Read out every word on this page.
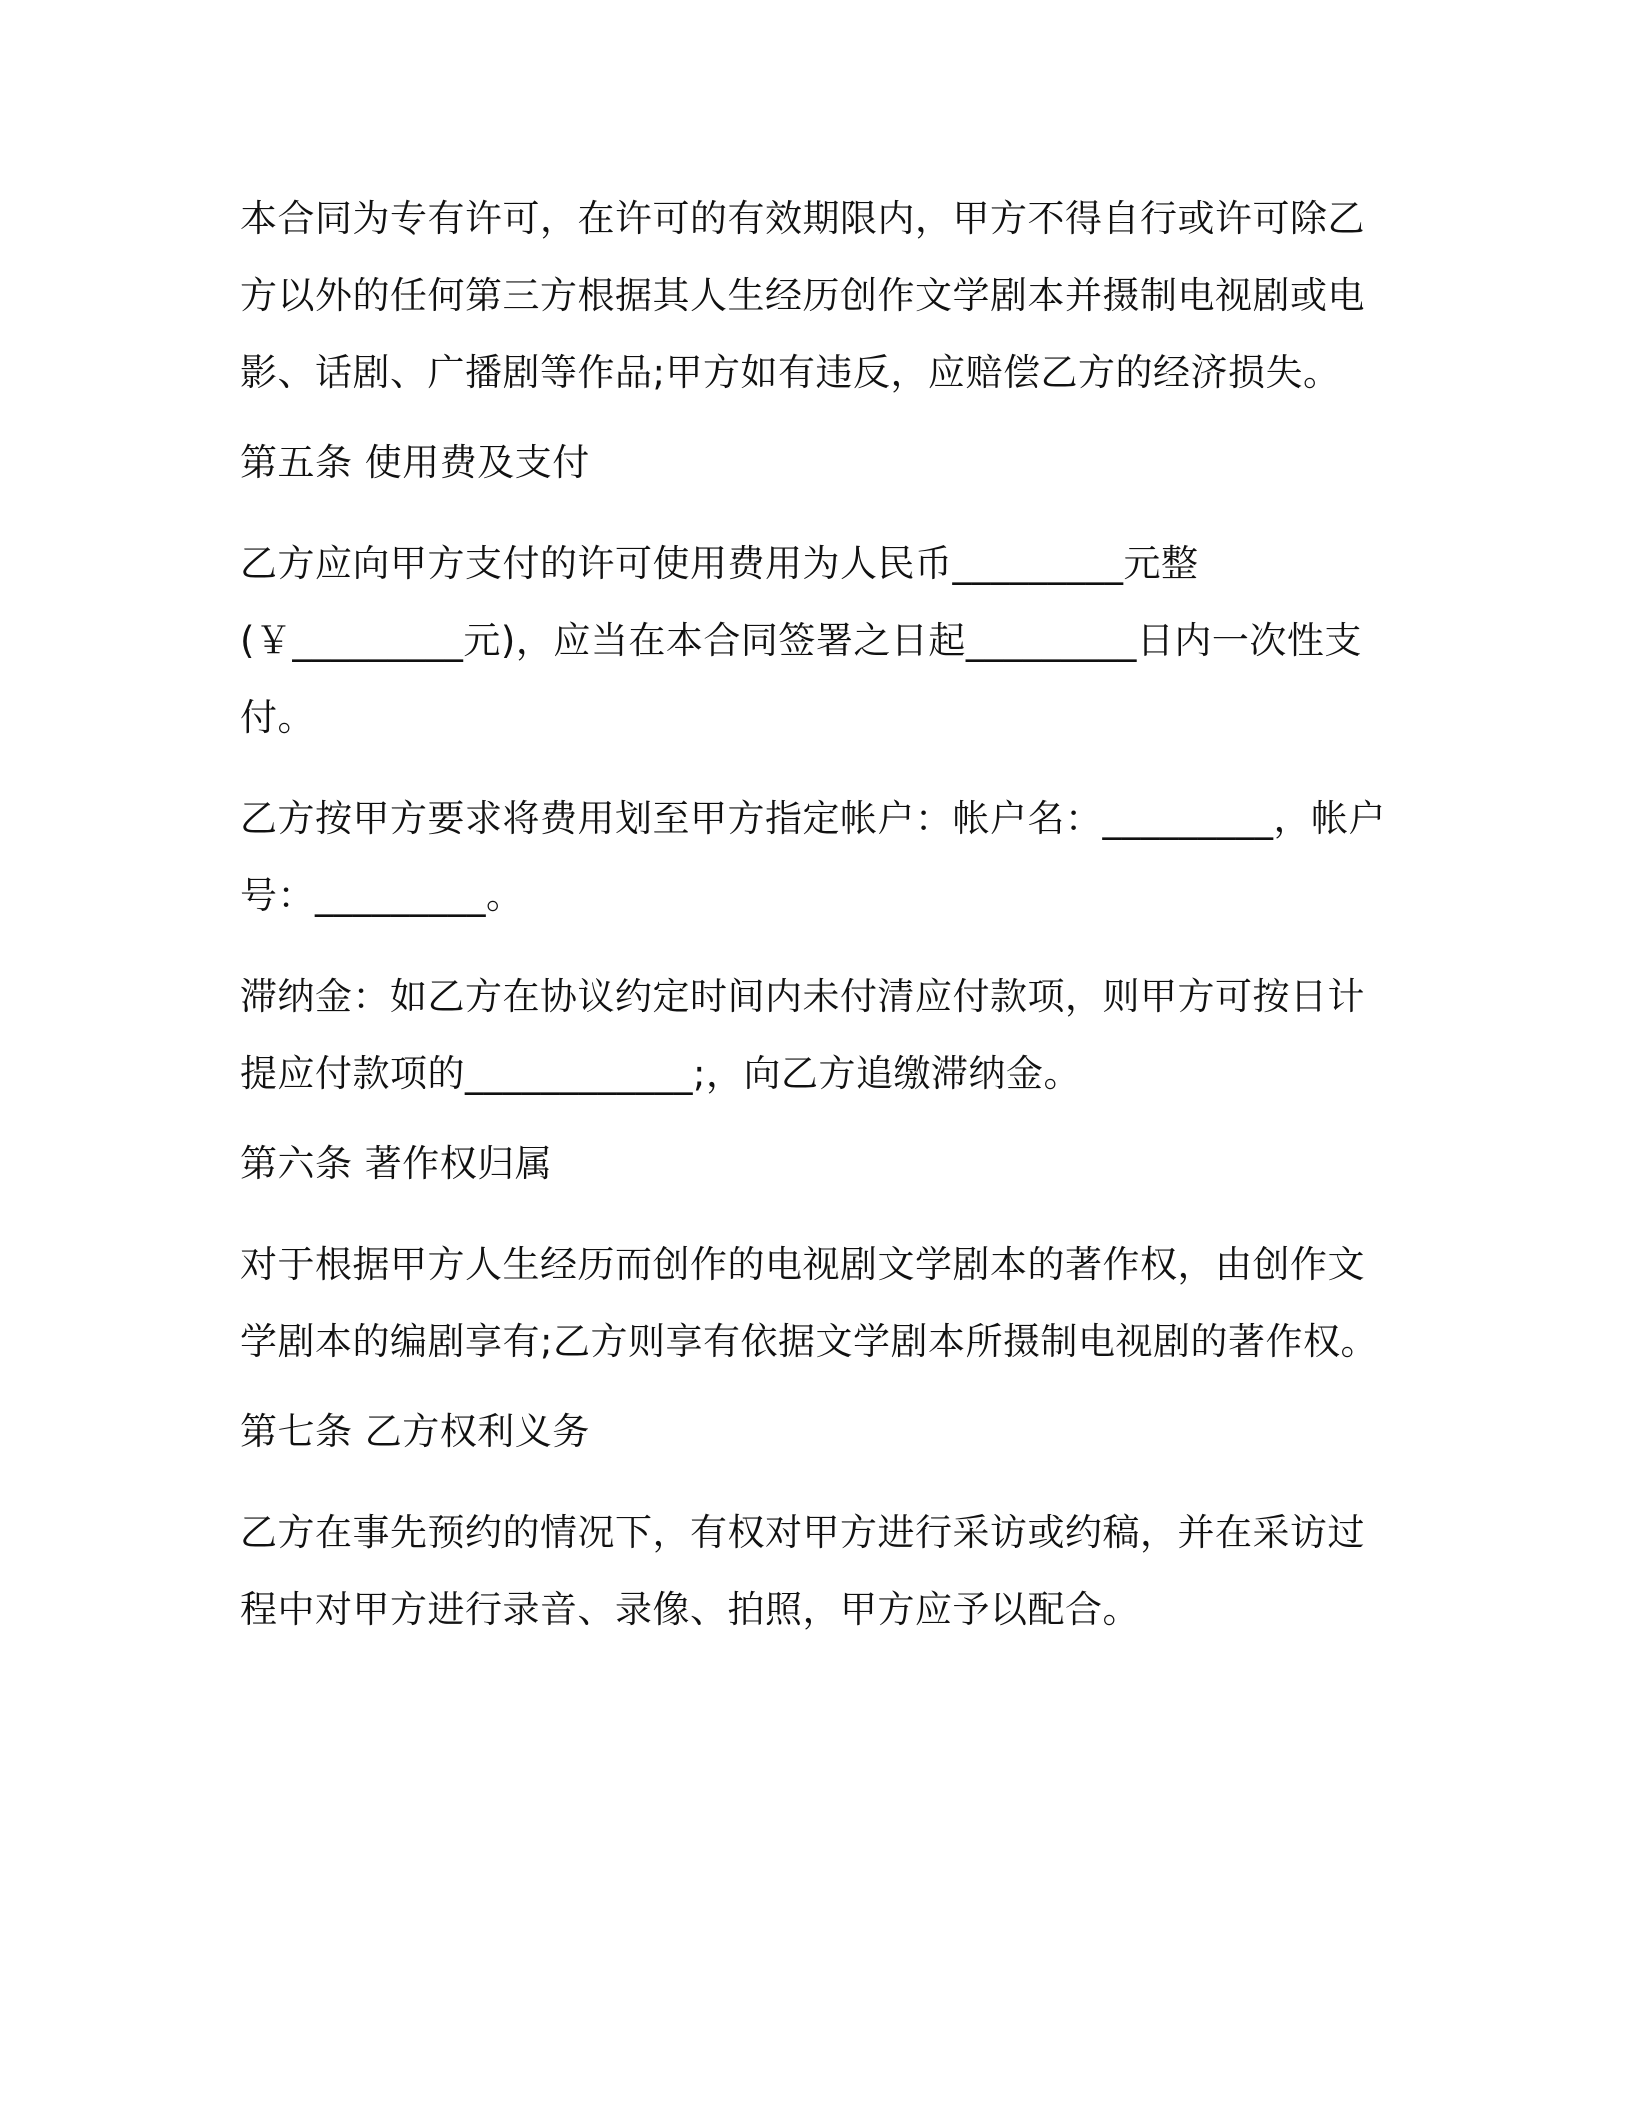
本合同为专有许可，在许可的有效期限内，甲方不得自行或许可除乙方以外的任何第三方根据其人生经历创作文学剧本并摄制电视剧或电影、话剧、广播剧等作品;甲方如有违反，应赔偿乙方的经济损失。

第五条 使用费及支付

乙方应向甲方支付的许可使用费用为人民币_________元整(￥_________元)，应当在本合同签署之日起_________日内一次性支付。

乙方按甲方要求将费用划至甲方指定帐户：帐户名：_________，帐户号：_________。

滞纳金：如乙方在协议约定时间内未付清应付款项，则甲方可按日计提应付款项的____________;，向乙方追缴滞纳金。

第六条 著作权归属

对于根据甲方人生经历而创作的电视剧文学剧本的著作权，由创作文学剧本的编剧享有;乙方则享有依据文学剧本所摄制电视剧的著作权。

第七条 乙方权利义务

乙方在事先预约的情况下，有权对甲方进行采访或约稿，并在采访过程中对甲方进行录音、录像、拍照，甲方应予以配合。
